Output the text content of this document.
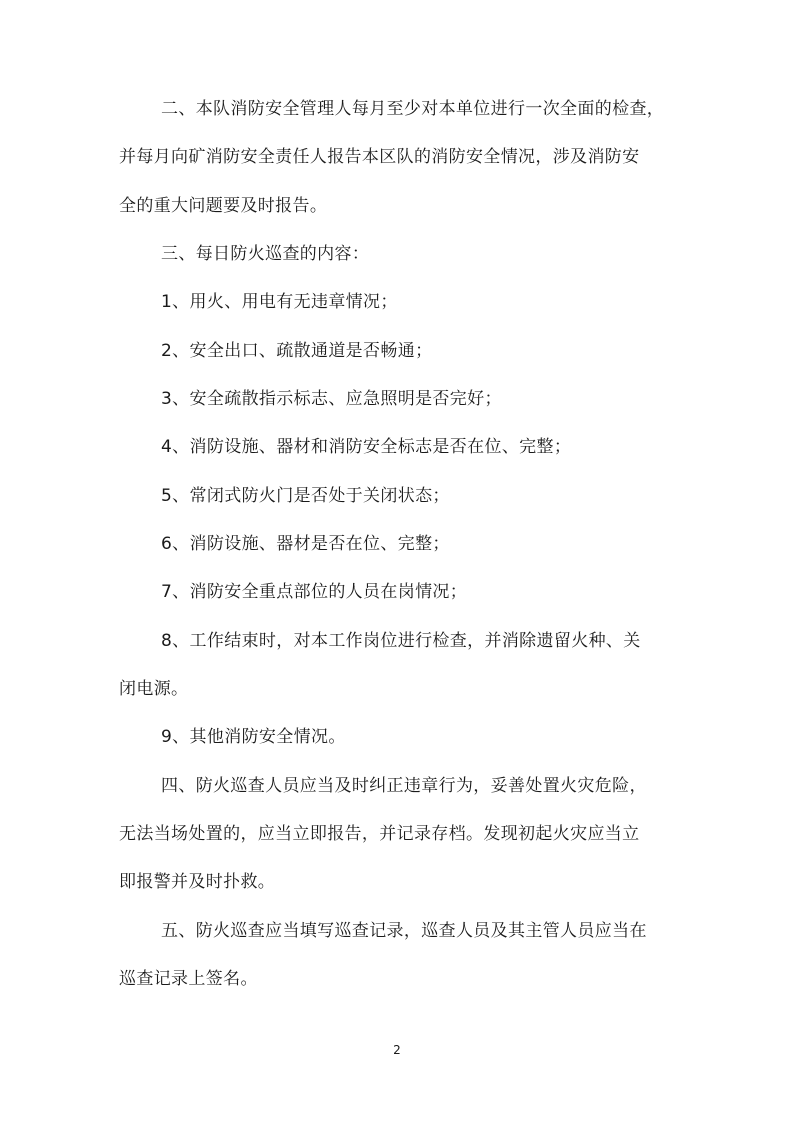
二、本队消防安全管理人每月至少对本单位进行一次全面的检查，
并每月向矿消防安全责任人报告本区队的消防安全情况，涉及消防安
全的重大问题要及时报告。
三、每日防火巡查的内容：
1、用火、用电有无违章情况；
2、安全出口、疏散通道是否畅通；
3、安全疏散指示标志、应急照明是否完好；
4、消防设施、器材和消防安全标志是否在位、完整；
5、常闭式防火门是否处于关闭状态；
6、消防设施、器材是否在位、完整；
7、消防安全重点部位的人员在岗情况；
8、工作结束时，对本工作岗位进行检查，并消除遗留火种、关
闭电源。
9、其他消防安全情况。
四、防火巡查人员应当及时纠正违章行为，妥善处置火灾危险，
无法当场处置的，应当立即报告，并记录存档。发现初起火灾应当立
即报警并及时扑救。
五、防火巡查应当填写巡查记录，巡查人员及其主管人员应当在
巡查记录上签名。
2
